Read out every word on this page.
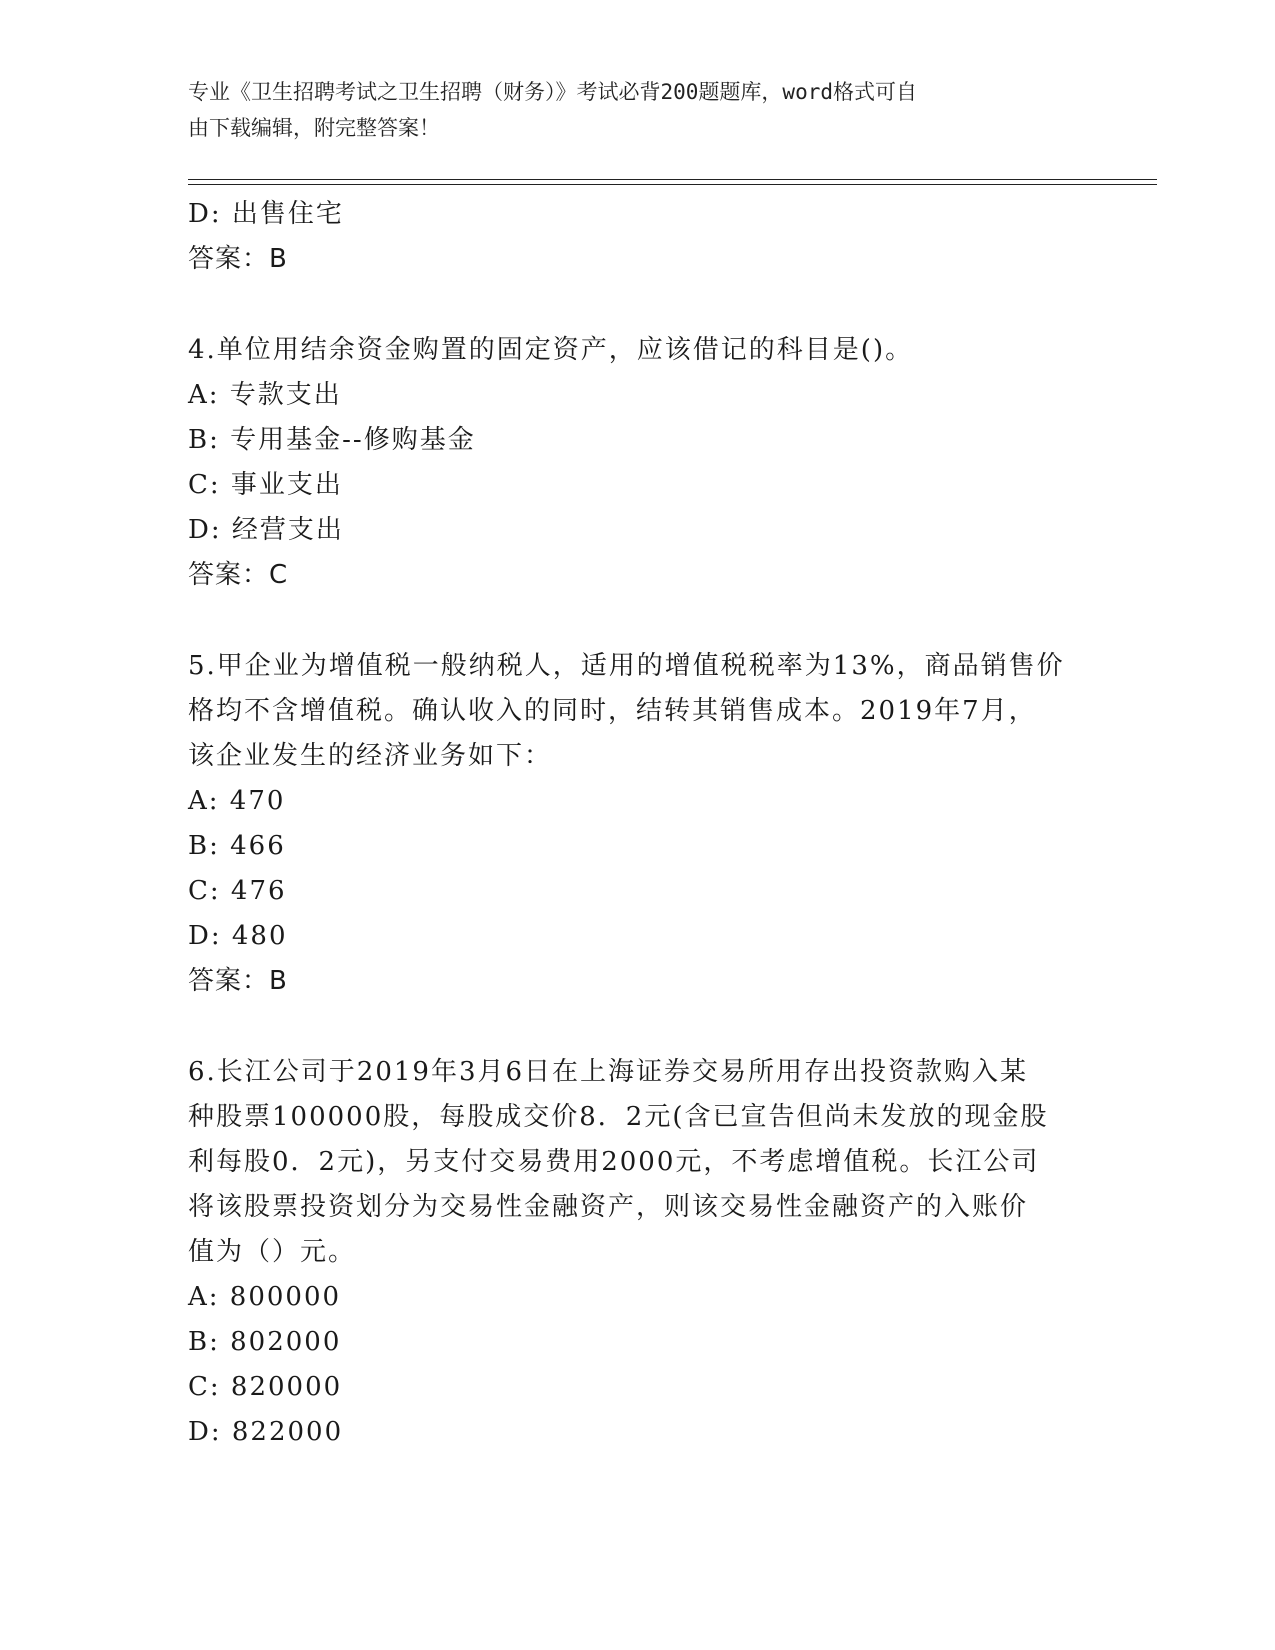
专业《卫生招聘考试之卫生招聘（财务）》考试必背200题题库，word格式可自
由下载编辑，附完整答案！
D: 出售住宅
答案：B
4.单位用结余资金购置的固定资产，应该借记的科目是()。
A: 专款支出
B: 专用基金--修购基金
C: 事业支出
D: 经营支出
答案：C
5.甲企业为增值税一般纳税人，适用的增值税税率为13%，商品销售价
格均不含增值税。确认收入的同时，结转其销售成本。2019年7月，
该企业发生的经济业务如下：
A: 470
B: 466
C: 476
D: 480
答案：B
6.长江公司于2019年3月6日在上海证券交易所用存出投资款购入某
种股票100000股，每股成交价8．2元(含已宣告但尚未发放的现金股
利每股0．2元)，另支付交易费用2000元，不考虑增值税。长江公司
将该股票投资划分为交易性金融资产，则该交易性金融资产的入账价
值为（）元。
A: 800000
B: 802000
C: 820000
D: 822000
